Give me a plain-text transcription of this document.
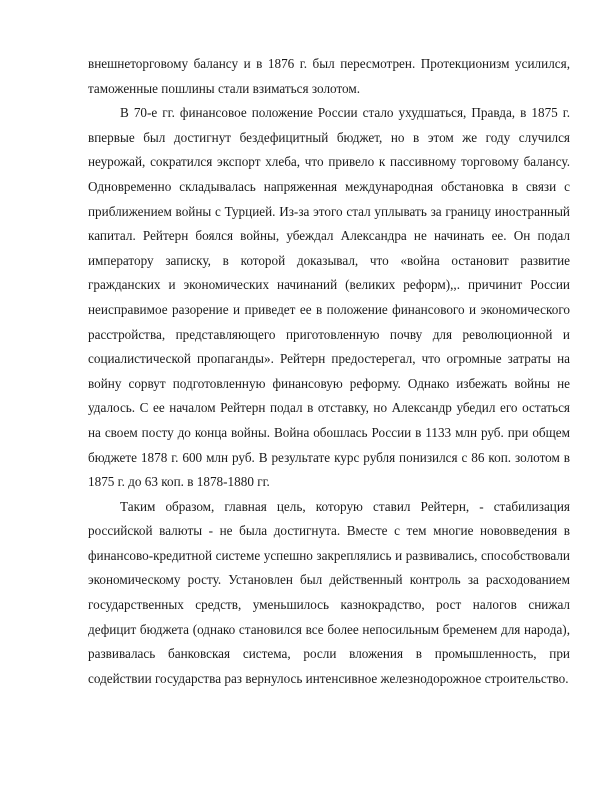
внешнеторговому балансу и в 1876 г. был пересмотрен. Протекционизм усилился, таможенные пошлины стали взиматься золотом.

В 70-е гг. финансовое положение России стало ухудшаться, Правда, в 1875 г. впервые был достигнут бездефицитный бюджет, но в этом же году случился неурожай, сократился экспорт хлеба, что привело к пассивному торговому балансу. Одновременно складывалась напряженная международная обстановка в связи с приближением войны с Турцией. Из-за этого стал уплывать за границу иностранный капитал. Рейтерн боялся войны, убеждал Александра не начинать ее. Он подал императору записку, в которой доказывал, что «война остановит развитие гражданских и экономических начинаний (великих реформ),,. причинит России неисправимое разорение и приведет ее в положение финансового и экономического расстройства, представляющего приготовленную почву для революционной и социалистической пропаганды». Рейтерн предостерегал, что огромные затраты на войну сорвут подготовленную финансовую реформу. Однако избежать войны не удалось. С ее началом Рейтерн подал в отставку, но Александр убедил его остаться на своем посту до конца войны. Война обошлась России в 1133 млн руб. при общем бюджете 1878 г. 600 млн руб. В результате курс рубля понизился с 86 коп. золотом в 1875 г. до 63 коп. в 1878-1880 гг.

Таким образом, главная цель, которую ставил Рейтерн, - стабилизация российской валюты - не была достигнута. Вместе с тем многие нововведения в финансово-кредитной системе успешно закреплялись и развивались, способствовали экономическому росту. Установлен был действенный контроль за расходованием государственных средств, уменьшилось казнокрадство, рост налогов снижал дефицит бюджета (однако становился все более непосильным бременем для народа), развивалась банковская система, росли вложения в промышленность, при содействии государства раз вернулось интенсивное железнодорожное строительство.
